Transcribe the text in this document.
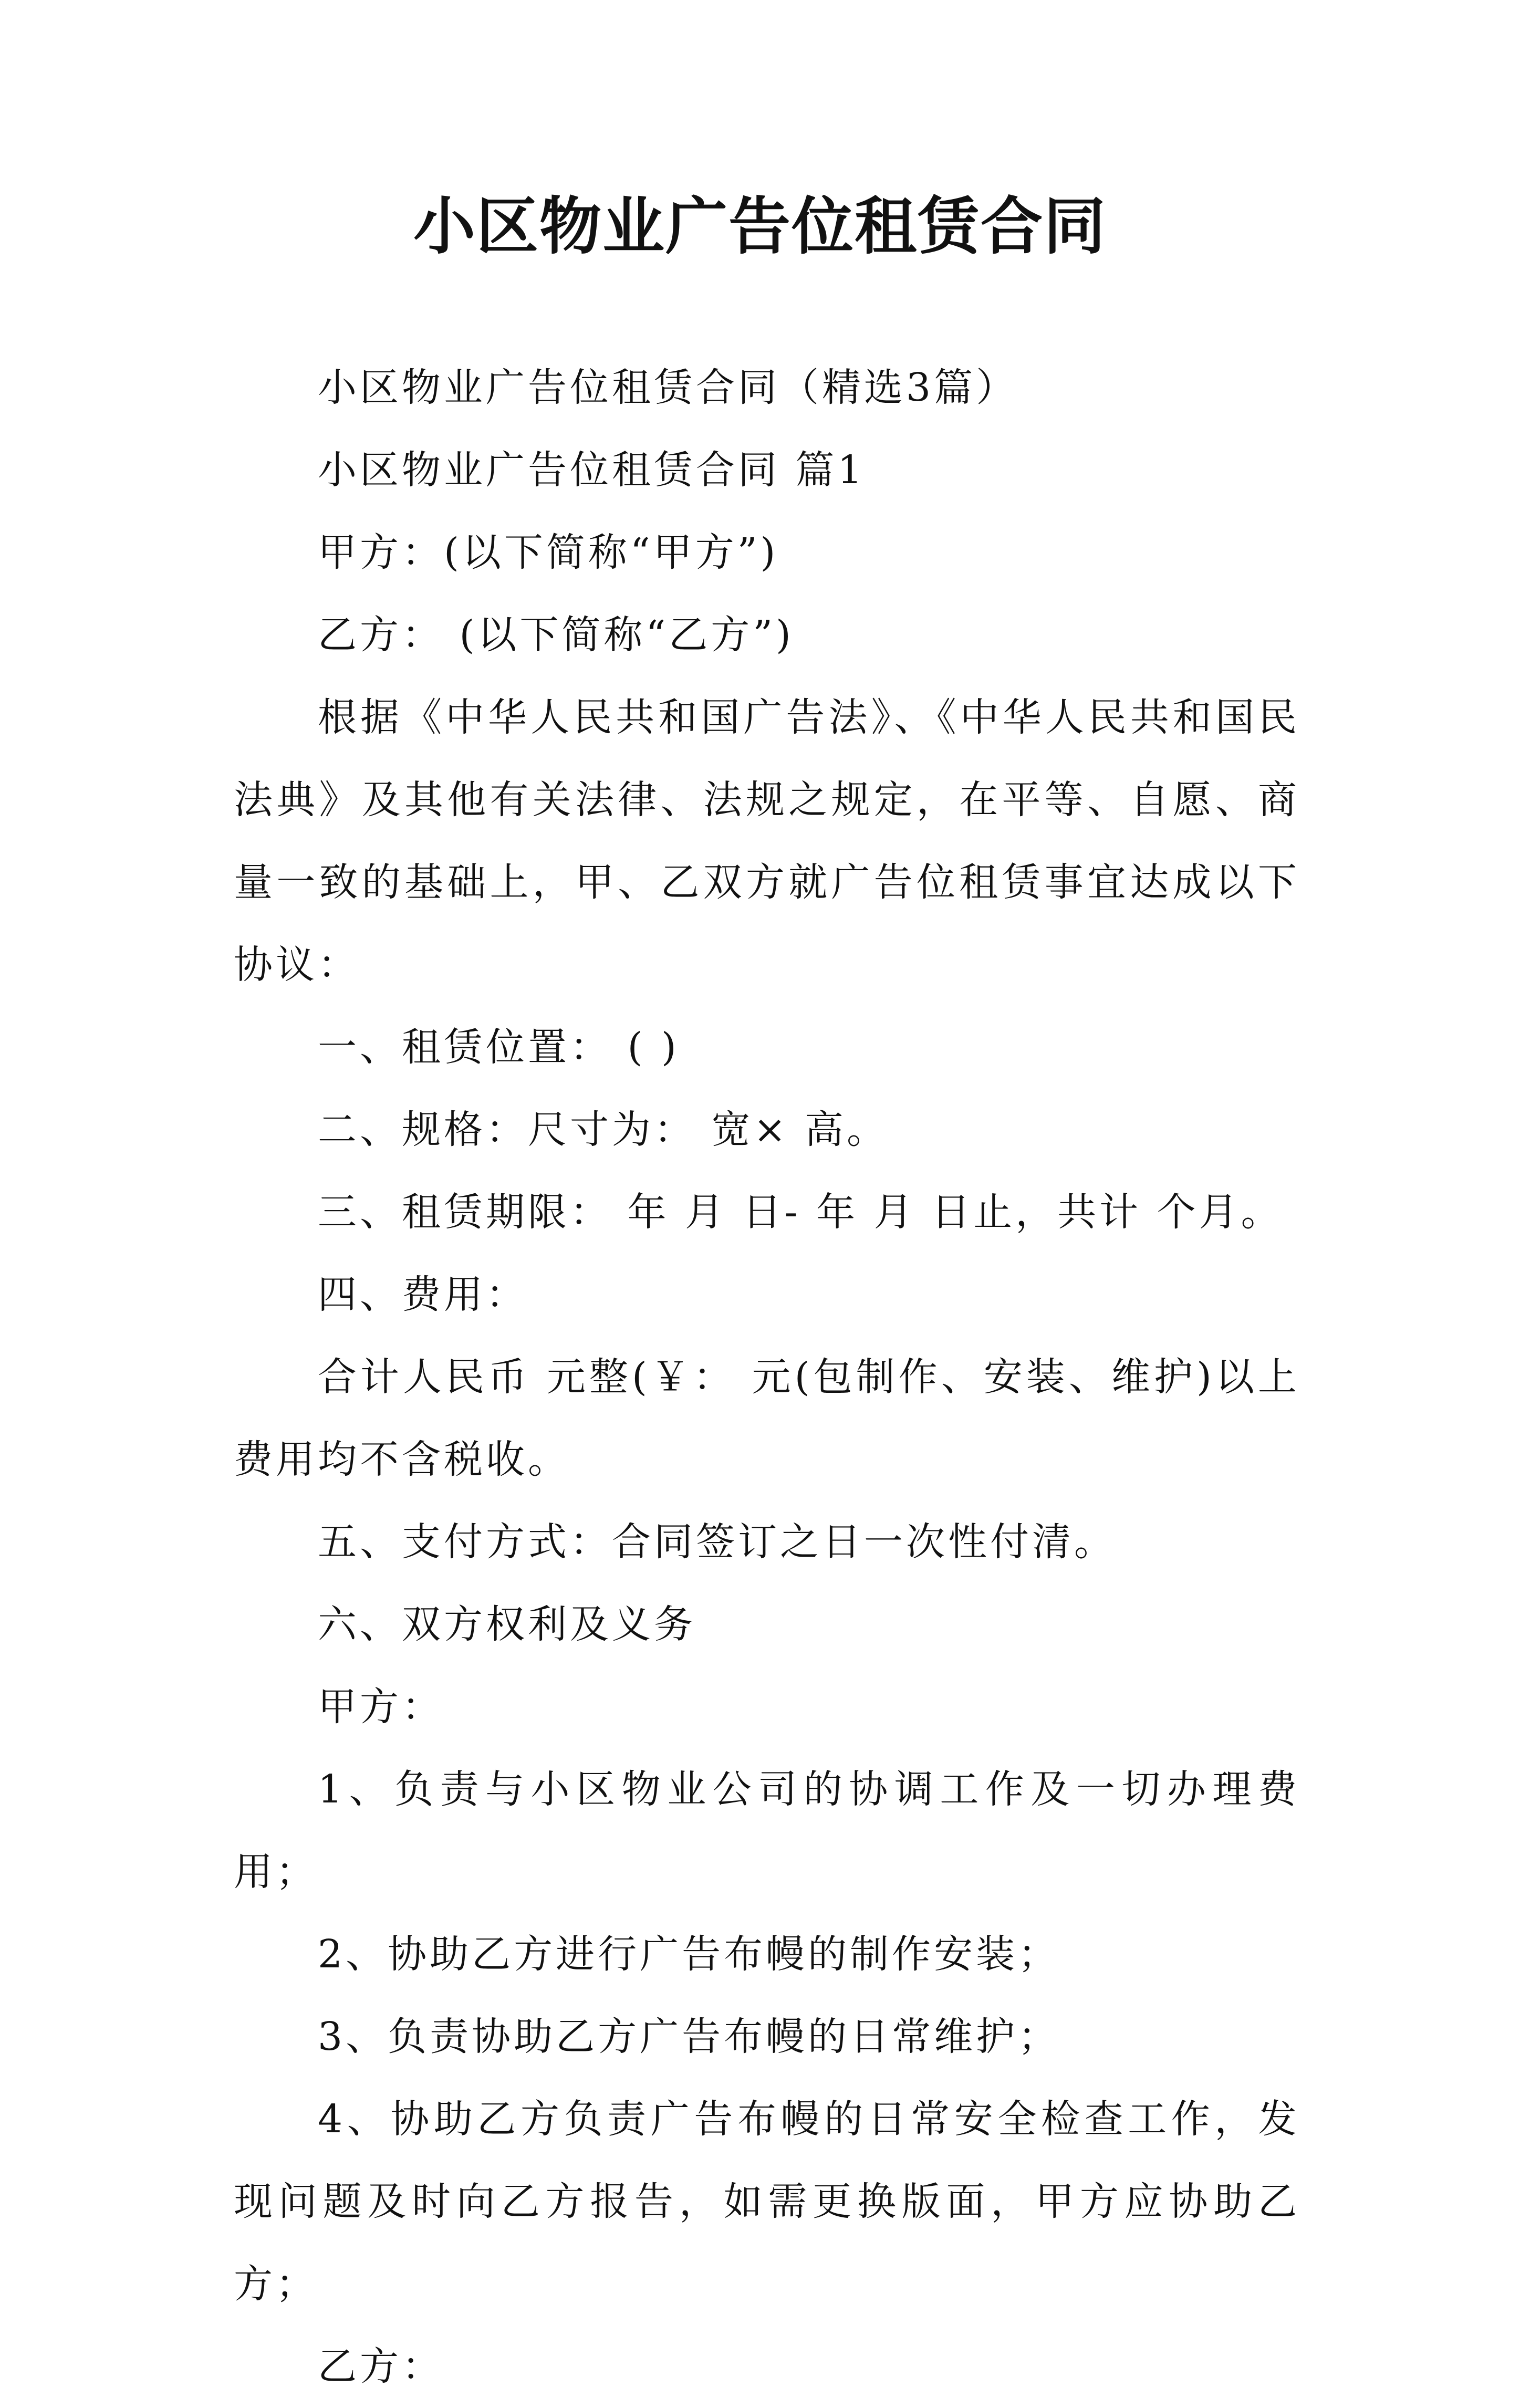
小区物业广告位租赁合同

小区物业广告位租赁合同（精选3篇）

小区物业广告位租赁合同 篇1

甲方：(以下简称“甲方”)

乙方： (以下简称“乙方”)

根据《中华人民共和国广告法》、《中华人民共和国民法典》及其他有关法律、法规之规定，在平等、自愿、商量一致的基础上，甲、乙双方就广告位租赁事宜达成以下协议：

一、租赁位置： ( )

二、规格：尺寸为： 宽× 高。

三、租赁期限： 年 月 日- 年 月 日止，共计 个月。

四、费用：

合计人民币 元整(￥： 元(包制作、安装、维护)以上费用均不含税收。

五、支付方式：合同签订之日一次性付清。

六、双方权利及义务

甲方：

1、负责与小区物业公司的协调工作及一切办理费用；

2、协助乙方进行广告布幔的制作安装；

3、负责协助乙方广告布幔的日常维护；

4、协助乙方负责广告布幔的日常安全检查工作，发现问题及时向乙方报告，如需更换版面，甲方应协助乙方；

乙方：
